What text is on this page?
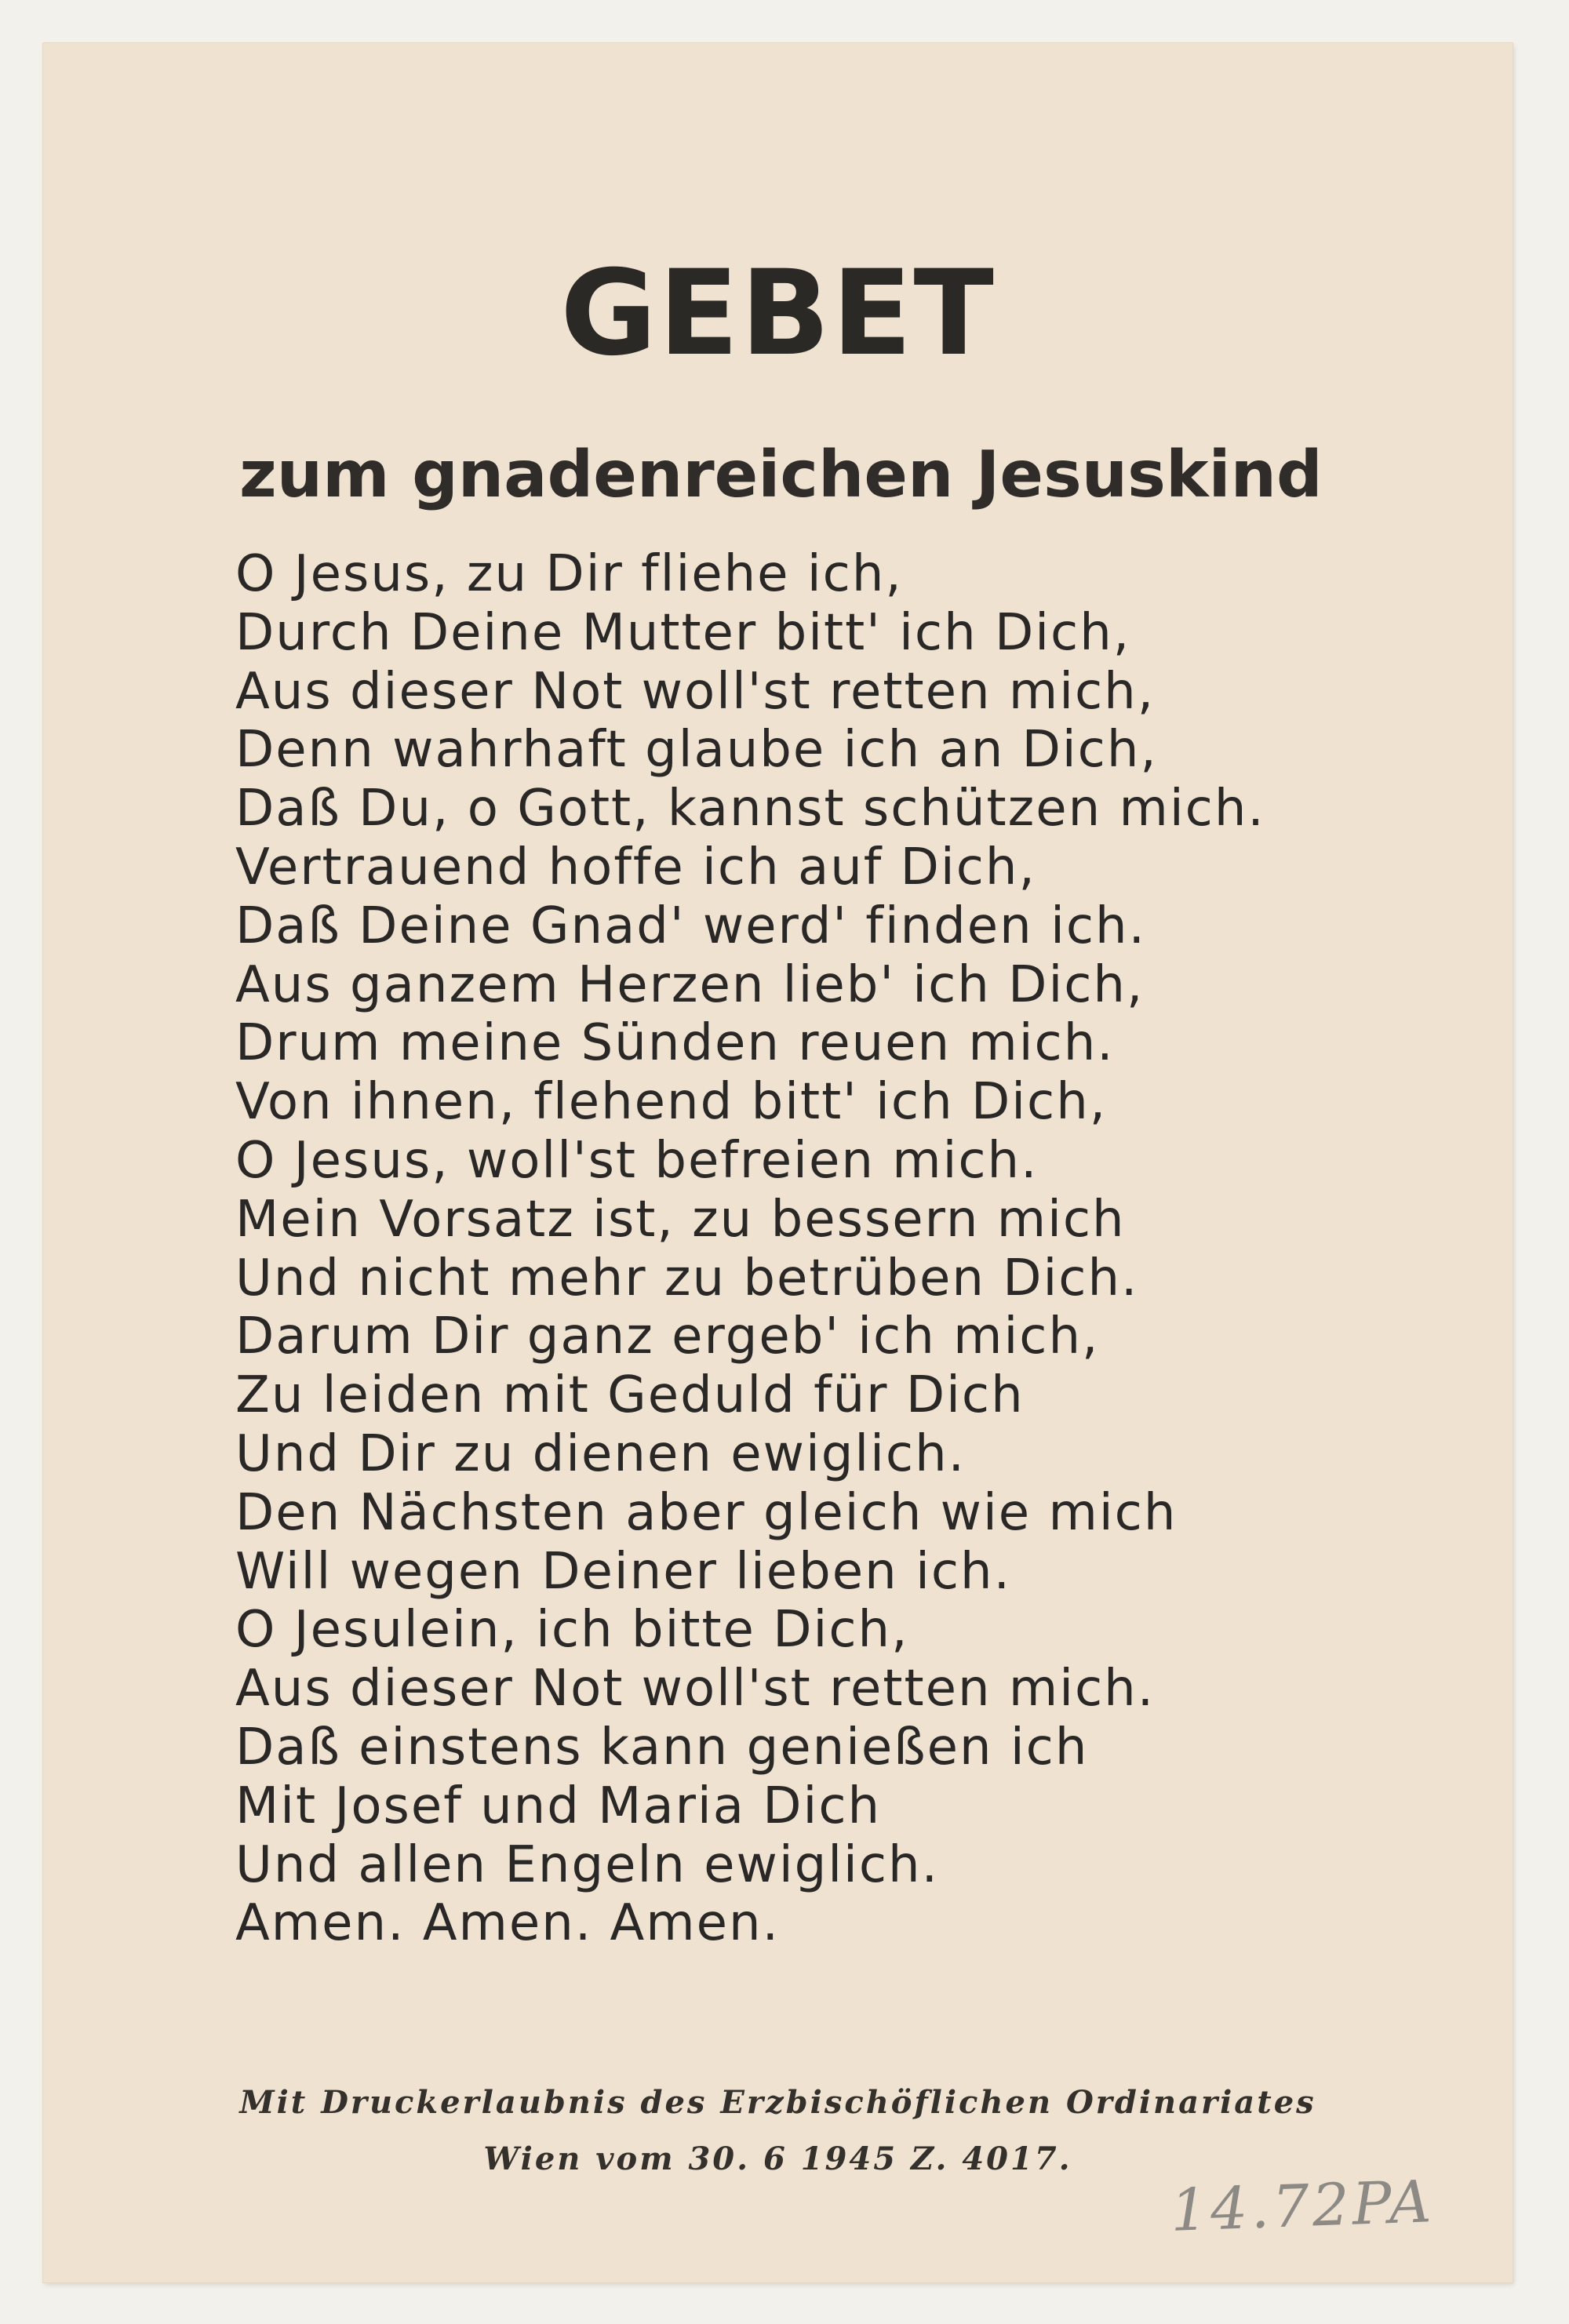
GEBET
zum gnadenreichen Jesuskind
O Jesus, zu Dir fliehe ich,
Durch Deine Mutter bitt' ich Dich,
Aus dieser Not woll'st retten mich,
Denn wahrhaft glaube ich an Dich,
Daß Du, o Gott, kannst schützen mich.
Vertrauend hoffe ich auf Dich,
Daß Deine Gnad' werd' finden ich.
Aus ganzem Herzen lieb' ich Dich,
Drum meine Sünden reuen mich.
Von ihnen, flehend bitt' ich Dich,
O Jesus, woll'st befreien mich.
Mein Vorsatz ist, zu bessern mich
Und nicht mehr zu betrüben Dich.
Darum Dir ganz ergeb' ich mich,
Zu leiden mit Geduld für Dich
Und Dir zu dienen ewiglich.
Den Nächsten aber gleich wie mich
Will wegen Deiner lieben ich.
O Jesulein, ich bitte Dich,
Aus dieser Not woll'st retten mich.
Daß einstens kann genießen ich
Mit Josef und Maria Dich
Und allen Engeln ewiglich.
Amen. Amen. Amen.
Mit Druckerlaubnis des Erzbischöflichen Ordinariates
Wien vom 30. 6 1945 Z. 4017.
14.72PA
